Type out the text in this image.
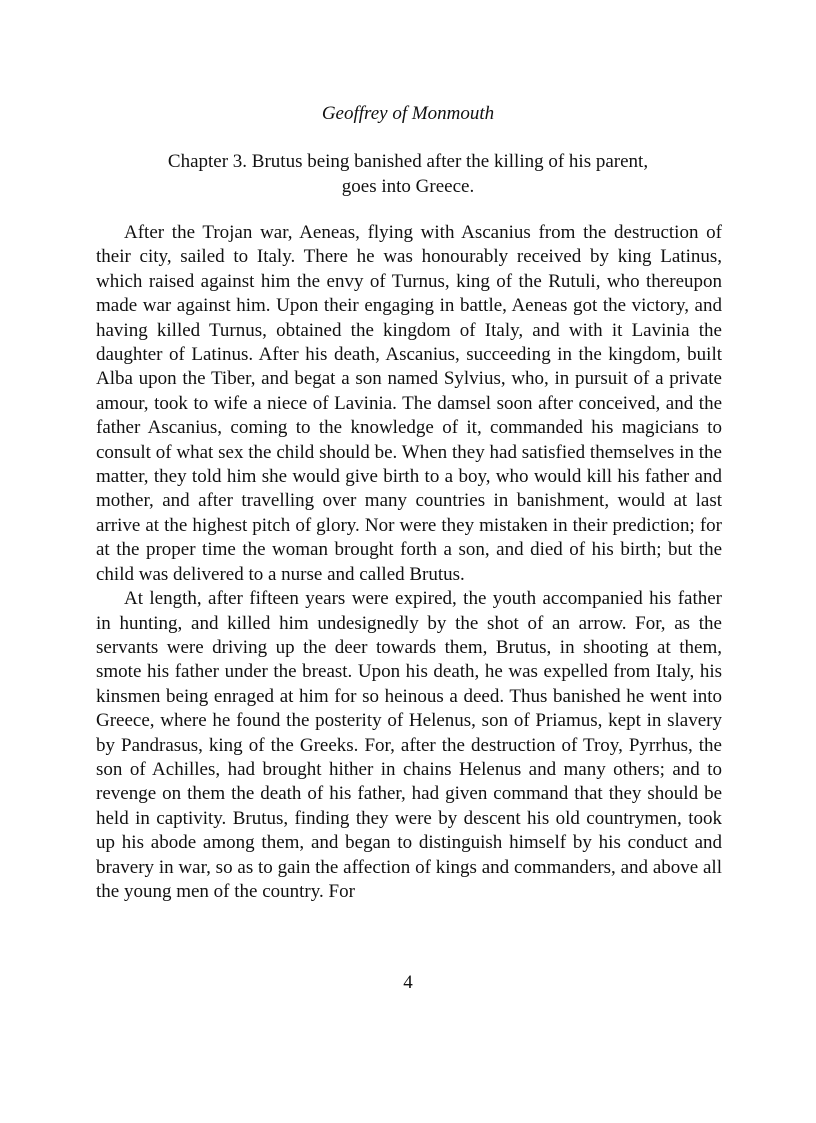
Geoffrey of Monmouth
Chapter 3. Brutus being banished after the killing of his parent,
goes into Greece.

After the Trojan war, Aeneas, flying with Ascanius from the destruction of their city, sailed to Italy. There he was honourably received by king Latinus, which raised against him the envy of Turnus, king of the Rutuli, who thereupon made war against him. Upon their engaging in battle, Aeneas got the victory, and having killed Turnus, obtained the kingdom of Italy, and with it Lavinia the daughter of Latinus. After his death, Ascanius, succeeding in the kingdom, built Alba upon the Tiber, and begat a son named Sylvius, who, in pursuit of a private amour, took to wife a niece of Lavinia. The damsel soon after conceived, and the father Ascanius, coming to the knowledge of it, commanded his magicians to consult of what sex the child should be. When they had satisfied themselves in the matter, they told him she would give birth to a boy, who would kill his father and mother, and after travelling over many countries in banishment, would at last arrive at the highest pitch of glory. Nor were they mistaken in their prediction; for at the proper time the woman brought forth a son, and died of his birth; but the child was delivered to a nurse and called Brutus.

At length, after fifteen years were expired, the youth accompanied his father in hunting, and killed him undesignedly by the shot of an arrow. For, as the servants were driving up the deer towards them, Brutus, in shooting at them, smote his father under the breast. Upon his death, he was expelled from Italy, his kinsmen being enraged at him for so heinous a deed. Thus banished he went into Greece, where he found the posterity of Helenus, son of Priamus, kept in slavery by Pandrasus, king of the Greeks. For, after the destruction of Troy, Pyrrhus, the son of Achilles, had brought hither in chains Helenus and many others; and to revenge on them the death of his father, had given command that they should be held in captivity. Brutus, finding they were by descent his old countrymen, took up his abode among them, and began to distinguish himself by his conduct and bravery in war, so as to gain the affection of kings and commanders, and above all the young men of the country. For

4
